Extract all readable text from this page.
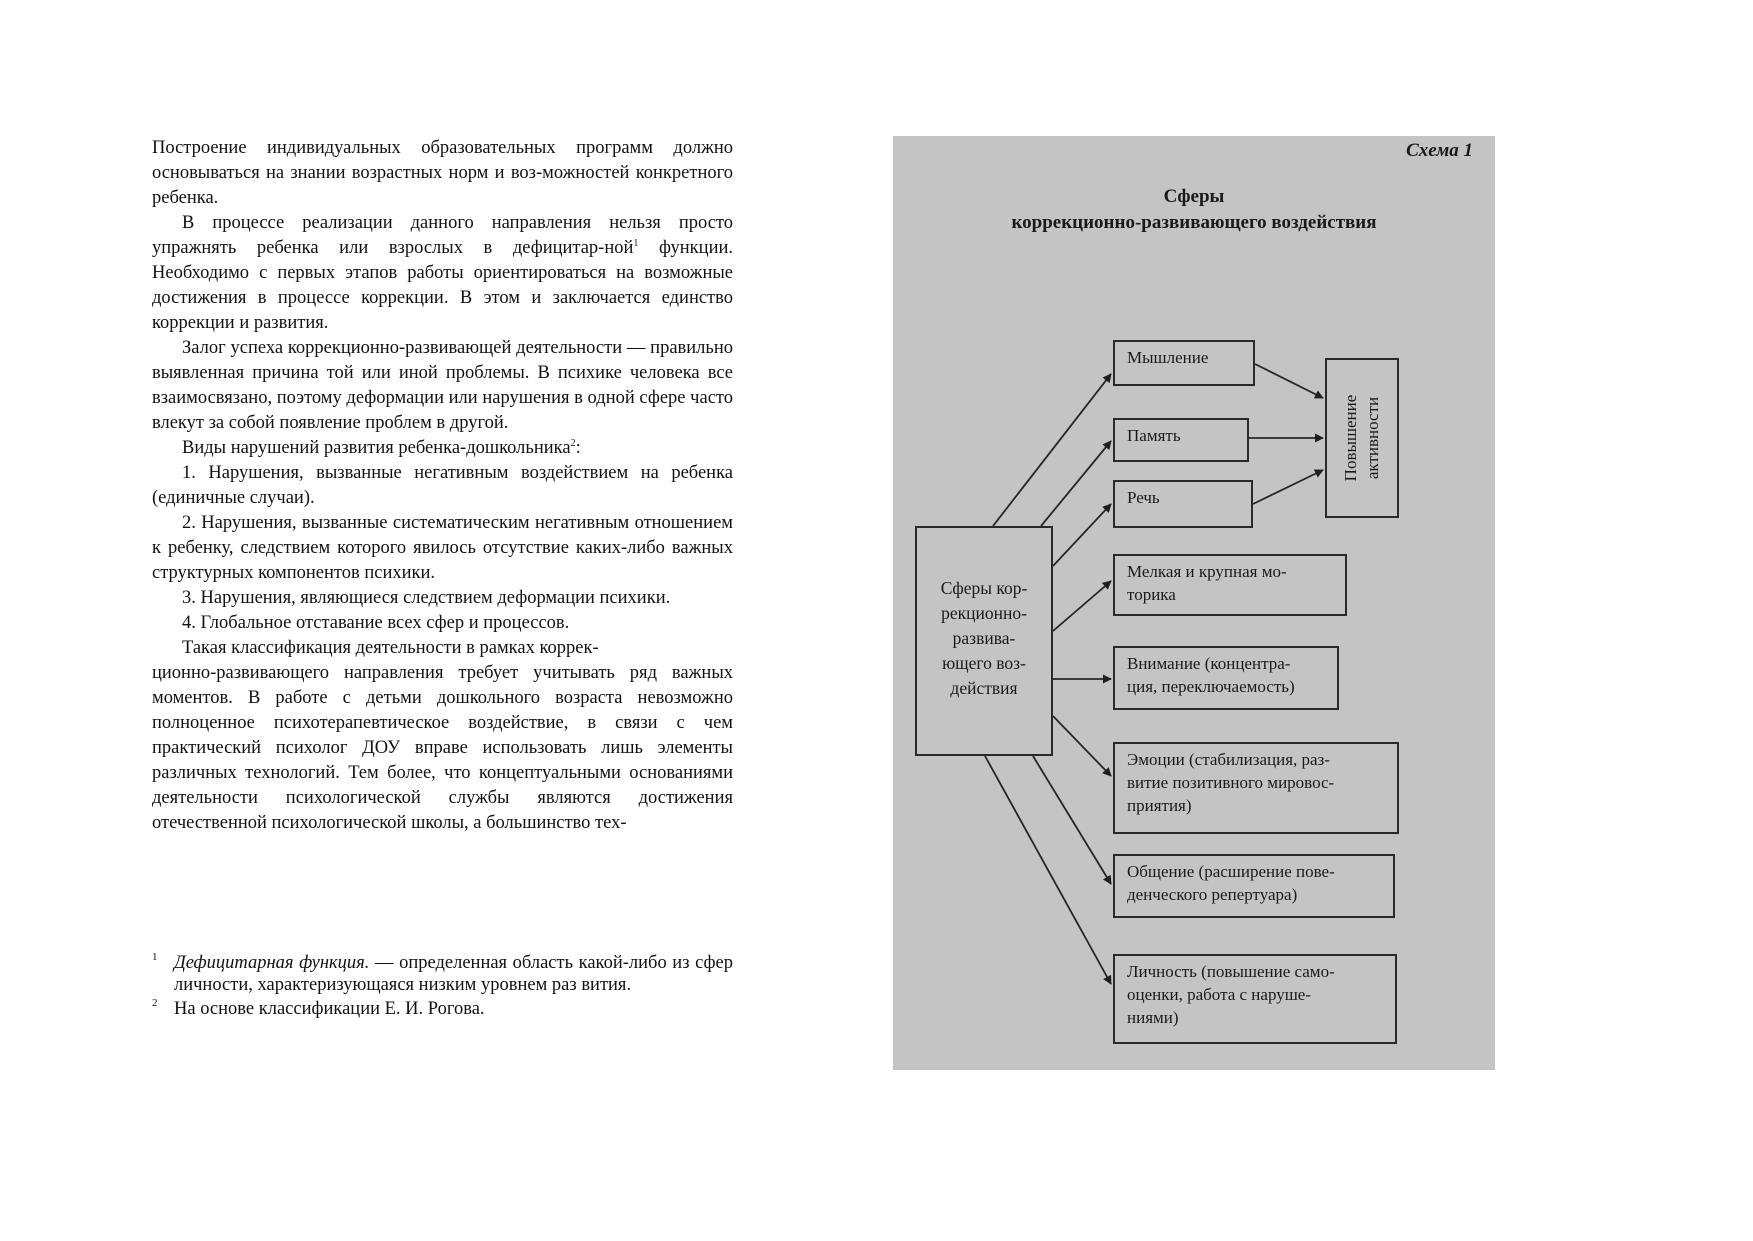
Построение индивидуальных образовательных программ должно основываться на знании возрастных норм и воз-можностей конкретного ребенка.

В процессе реализации данного направления нельзя просто упражнять ребенка или взрослых в дефицитар-ной$^1$ функции. Необходимо с первых этапов работы ориентироваться на возможные достижения в процессе коррекции. В этом и заключается единство коррекции и развития.

Залог успеха коррекционно-развивающей деятельности — правильно выявленная причина той или иной проблемы. В психике человека все взаимосвязано, поэтому деформации или нарушения в одной сфере часто влекут за собой появление проблем в другой.

Виды нарушений развития ребенка-дошкольника$^2$:

1. Нарушения, вызванные негативным воздействием на ребенка (единичные случаи).

2. Нарушения, вызванные систематическим негативным отношением к ребенку, следствием которого явилось отсутствие каких-либо важных структурных компонентов психики.

3. Нарушения, являющиеся следствием деформации психики.

4. Глобальное отставание всех сфер и процессов.

Такая классификация деятельности в рамках коррек-

ционно-развивающего направления требует учитывать ряд важных моментов. В работе с детьми дошкольного возраста невозможно полноценное психотерапевтическое воздействие, в связи с чем практический психолог ДОУ вправе использовать лишь элементы различных технологий. Тем более, что концептуальными основаниями деятельности психологической службы являются достижения отечественной психологической школы, а большинство тех-

1 Дефицитарная функция. — определенная область какой-либо из сфер личности, характеризующаяся низким уровнем раз вития.
2 На основе классификации Е. И. Рогова.
Схема 1
Сферы
коррекционно-развивающего воздействия
Сферы кор-
рекционно-
развива-
ющего воз-
действия
Мышление
Память
Речь
Мелкая и крупная мо-
торика
Внимание (концентра-
ция, переключаемость)
Эмоции (стабилизация, раз-
витие позитивного мировос-
приятия)
Общение (расширение пове-
денческого репертуара)
Личность (повышение само-
оценки, работа с наруше-
ниями)
Повышение активности
